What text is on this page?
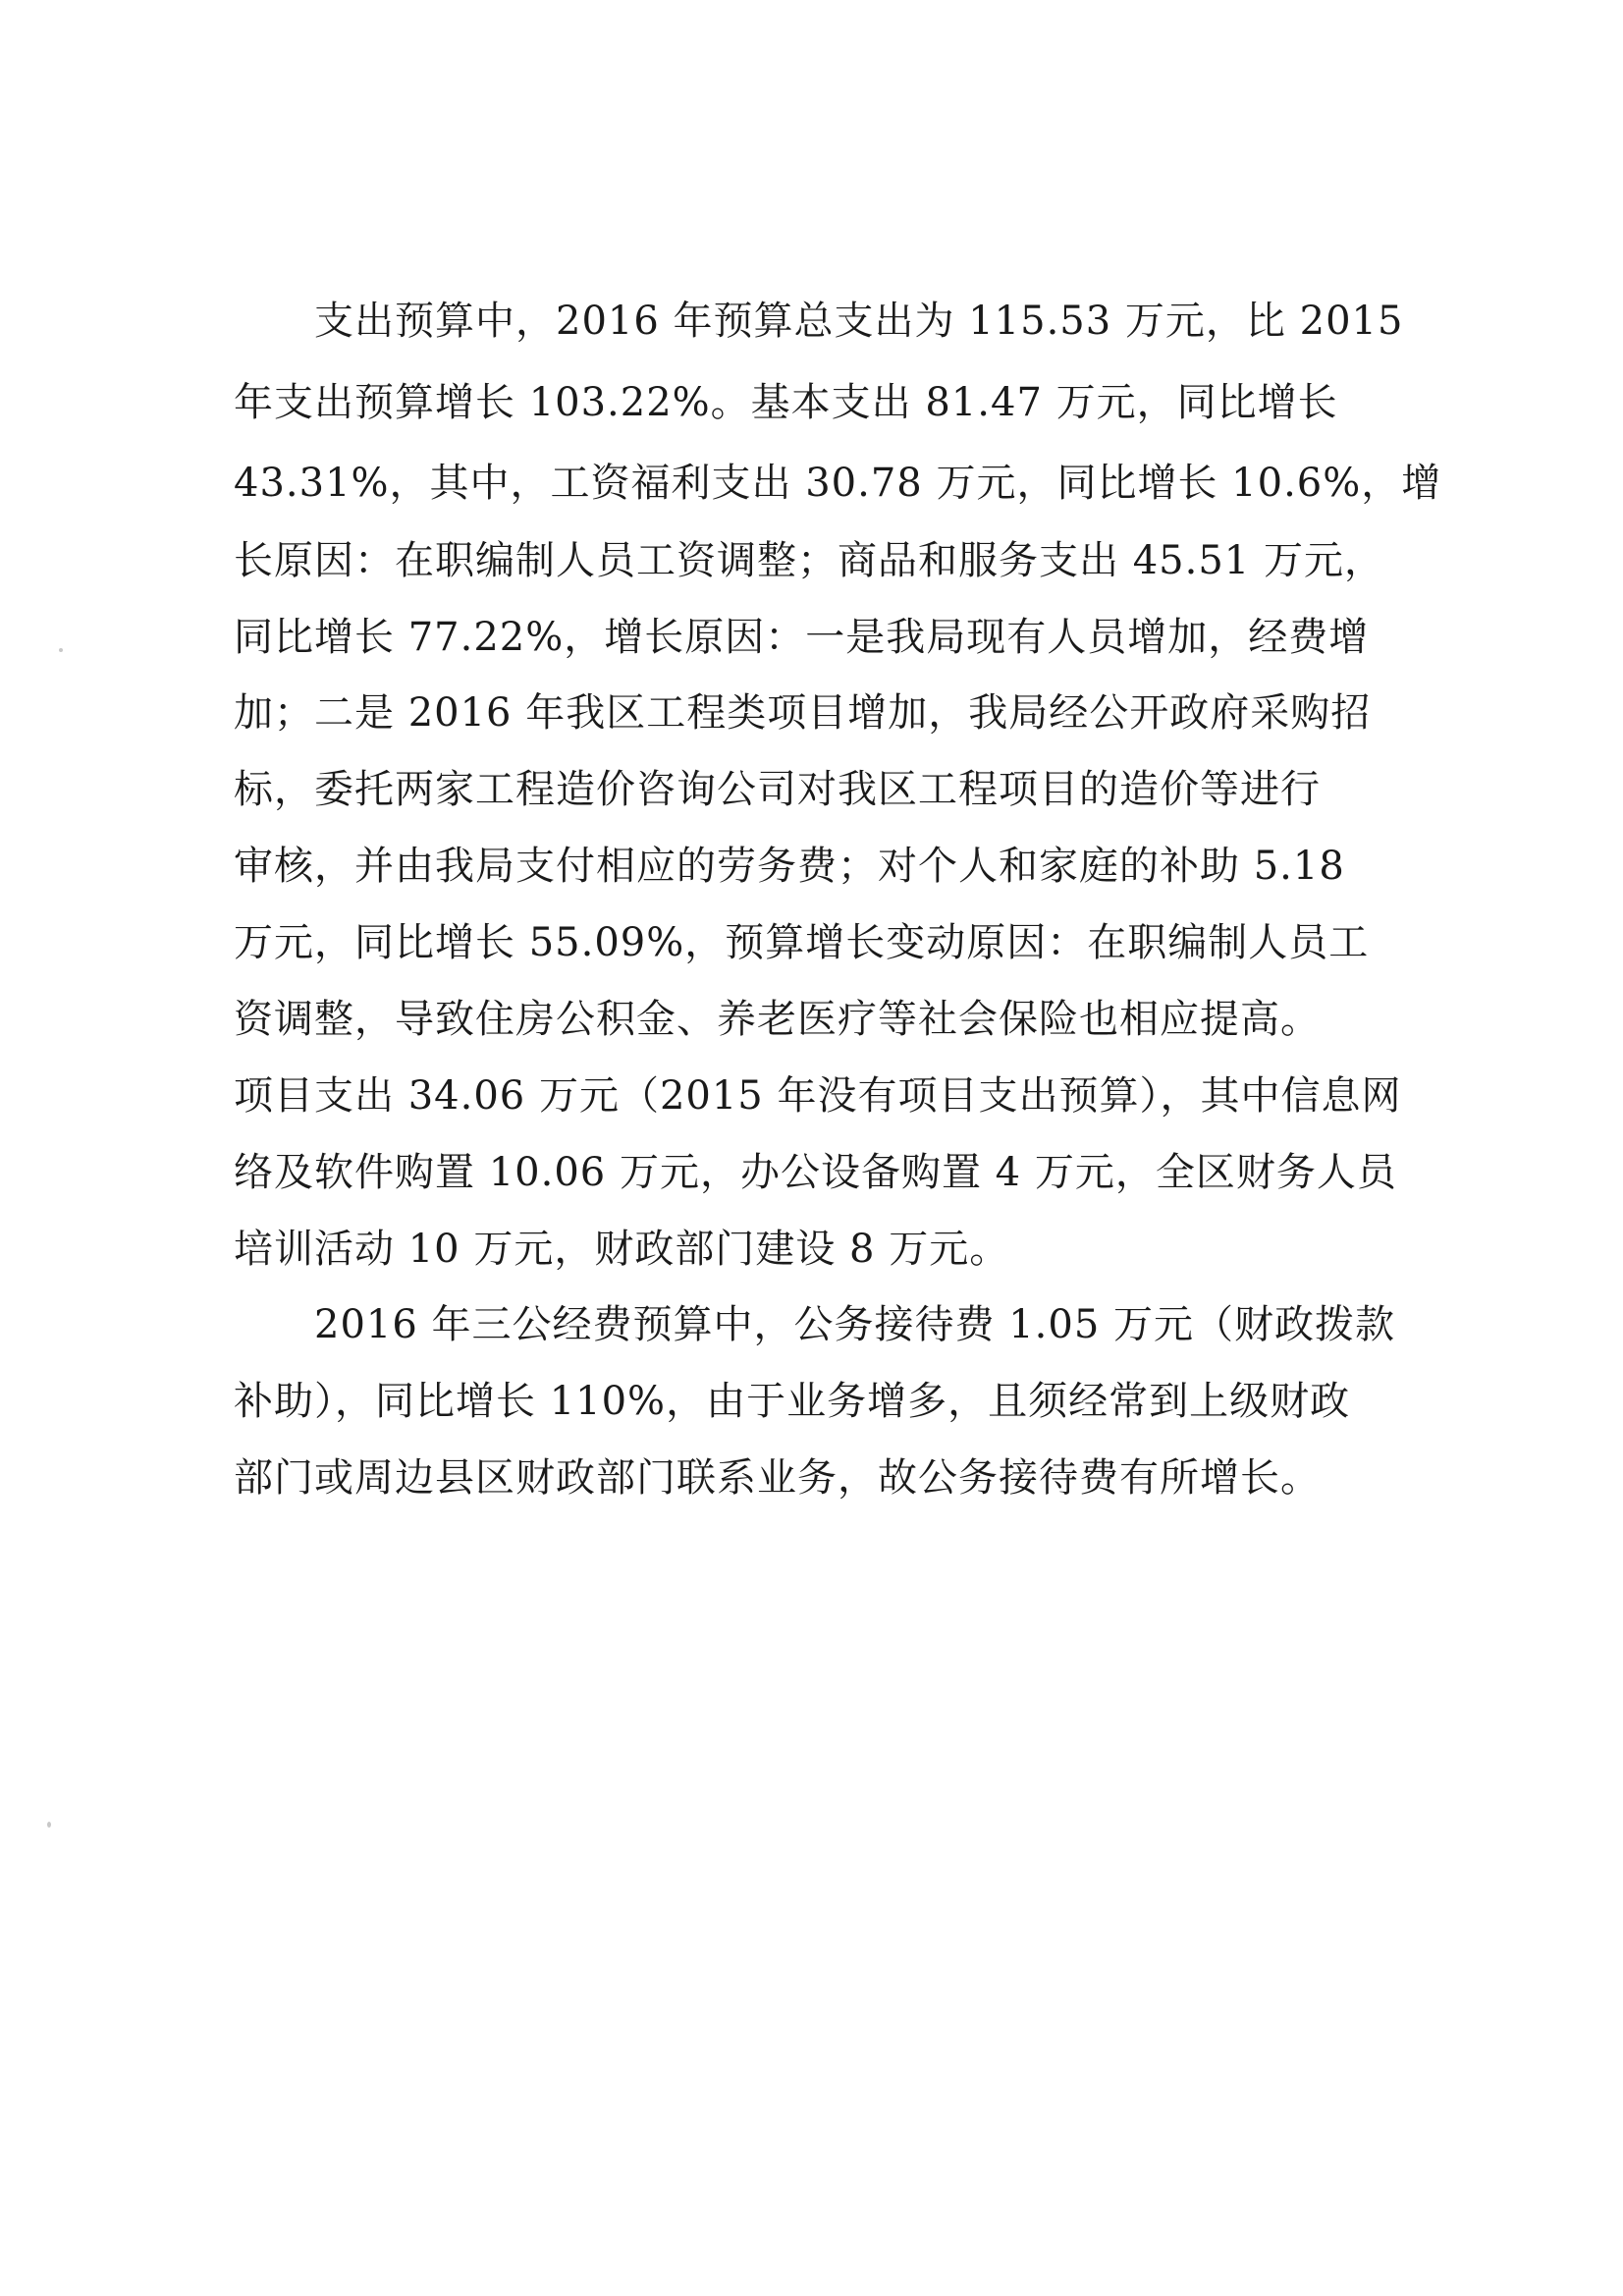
支出预算中，2016 年预算总支出为 115.53 万元，比 2015
年支出预算增长 103.22%。基本支出 81.47 万元，同比增长
43.31%，其中，工资福利支出 30.78 万元，同比增长 10.6%，增
长原因：在职编制人员工资调整；商品和服务支出 45.51 万元，
同比增长 77.22%，增长原因：一是我局现有人员增加，经费增
加；二是 2016 年我区工程类项目增加，我局经公开政府采购招
标，委托两家工程造价咨询公司对我区工程项目的造价等进行
审核，并由我局支付相应的劳务费；对个人和家庭的补助 5.18
万元，同比增长 55.09%，预算增长变动原因：在职编制人员工
资调整，导致住房公积金、养老医疗等社会保险也相应提高。
项目支出 34.06 万元（2015 年没有项目支出预算），其中信息网
络及软件购置 10.06 万元，办公设备购置 4 万元，全区财务人员
培训活动 10 万元，财政部门建设 8 万元。
2016 年三公经费预算中，公务接待费 1.05 万元（财政拨款
补助），同比增长 110%，由于业务增多，且须经常到上级财政
部门或周边县区财政部门联系业务，故公务接待费有所增长。
